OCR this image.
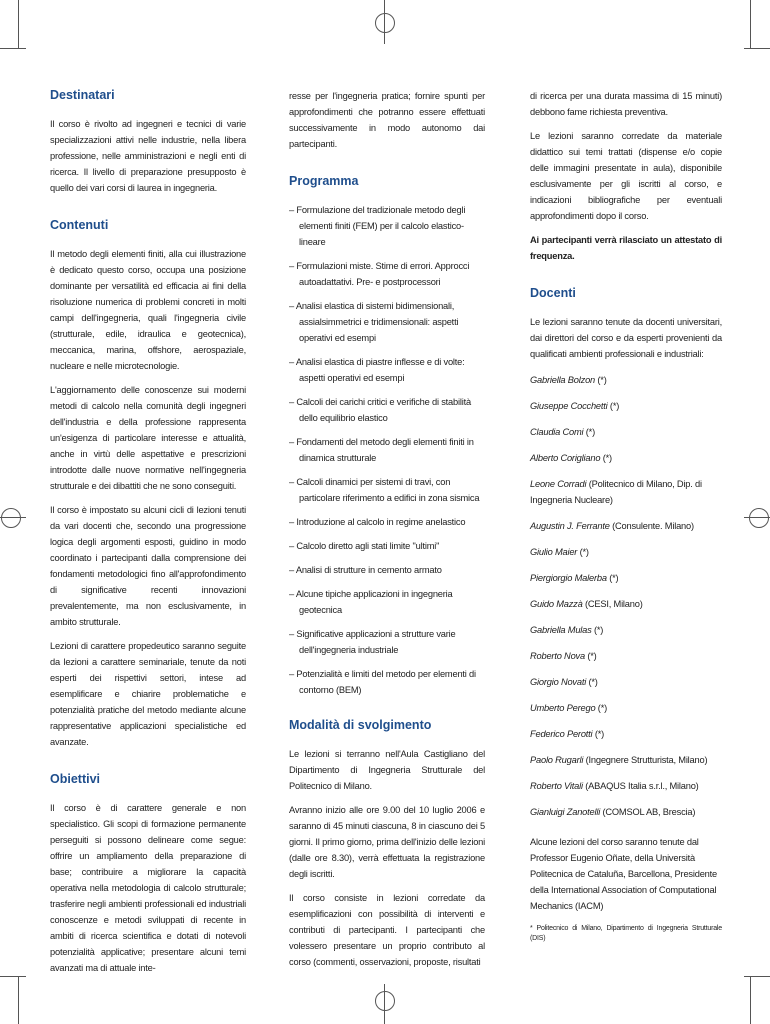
Destinatari

Il corso è rivolto ad ingegneri e tecnici di varie specializzazioni attivi nelle industrie, nella libera professione, nelle amministrazioni e negli enti di ricerca. Il livello di preparazione presupposto è quello dei vari corsi di laurea in ingegneria.

Contenuti

Il metodo degli elementi finiti, alla cui illustrazione è dedicato questo corso, occupa una posizione dominante per versatilità ed efficacia ai fini della risoluzione numerica di problemi concreti in molti campi dell'ingegneria, quali l'ingegneria civile (strutturale, edile, idraulica e geotecnica), meccanica, marina, offshore, aerospaziale, nucleare e nelle microtecnologie.

L'aggiornamento delle conoscenze sui moderni metodi di calcolo nella comunità degli ingegneri dell'industria e della professione rappresenta un'esigenza di particolare interesse e attualità, anche in virtù delle aspettative e prescrizioni introdotte dalle nuove normative nell'ingegneria strutturale e dei dibattiti che ne sono conseguiti.

Il corso è impostato su alcuni cicli di lezioni tenuti da vari docenti che, secondo una progressione logica degli argomenti esposti, guidino in modo coordinato i partecipanti dalla comprensione dei fondamenti metodologici fino all'approfondimento di significative recenti innovazioni prevalentemente, ma non esclusivamente, in ambito strutturale.

Lezioni di carattere propedeutico saranno seguite da lezioni a carattere seminariale, tenute da noti esperti dei rispettivi settori, intese ad esemplificare e chiarire problematiche e potenzialità pratiche del metodo mediante alcune rappresentative applicazioni specialistiche ed avanzate.

Obiettivi

Il corso è di carattere generale e non specialistico. Gli scopi di formazione permanente perseguiti si possono delineare come segue: offrire un ampliamento della preparazione di base; contribuire a migliorare la capacità operativa nella metodologia di calcolo strutturale; trasferire negli ambienti professionali ed industriali conoscenze e metodi sviluppati di recente in ambiti di ricerca scientifica e dotati di notevoli potenzialità applicative; presentare alcuni temi avanzati ma di attuale inte-

resse per l'ingegneria pratica; fornire spunti per approfondimenti che potranno essere effettuati successivamente in modo autonomo dai partecipanti.

Programma
– Formulazione del tradizionale metodo degli elementi finiti (FEM) per il calcolo elastico-lineare
– Formulazioni miste. Stime di errori. Approcci autoadattativi. Pre- e postprocessori
– Analisi elastica di sistemi bidimensionali, assialsimmetrici e tridimensionali: aspetti operativi ed esempi
– Analisi elastica di piastre inflesse e di volte: aspetti operativi ed esempi
– Calcoli dei carichi critici e verifiche di stabilità dello equilibrio elastico
– Fondamenti del metodo degli elementi finiti in dinamica strutturale
– Calcoli dinamici per sistemi di travi, con particolare riferimento a edifici in zona sismica
– Introduzione al calcolo in regime anelastico
– Calcolo diretto agli stati limite "ultimi"
– Analisi di strutture in cemento armato
– Alcune tipiche applicazioni in ingegneria geotecnica
– Significative applicazioni a strutture varie dell'ingegneria industriale
– Potenzialità e limiti del metodo per elementi di contorno (BEM)
Modalità di svolgimento

Le lezioni si terranno nell'Aula Castigliano del Dipartimento di Ingegneria Strutturale del Politecnico di Milano.

Avranno inizio alle ore 9.00 del 10 luglio 2006 e saranno di 45 minuti ciascuna, 8 in ciascuno dei 5 giorni. Il primo giorno, prima dell'inizio delle lezioni (dalle ore 8.30), verrà effettuata la registrazione degli iscritti.

Il corso consiste in lezioni corredate da esemplificazioni con possibilità di interventi e contributi di partecipanti. I partecipanti che volessero presentare un proprio contributo al corso (commenti, osservazioni, proposte, risultati

di ricerca per una durata massima di 15 minuti) debbono fame richiesta preventiva.

Le lezioni saranno corredate da materiale didattico sui temi trattati (dispense e/o copie delle immagini presentate in aula), disponibile esclusivamente per gli iscritti al corso, e indicazioni bibliografiche per eventuali approfondimenti dopo il corso.

Ai partecipanti verrà rilasciato un attestato di frequenza.

Docenti

Le lezioni saranno tenute da docenti universitari, dai direttori del corso e da esperti provenienti da qualificati ambienti professionali e industriali:

Gabriella Bolzon (*)
Giuseppe Cocchetti (*)
Claudia Comi (*)
Alberto Corigliano (*)
Leone Corradi (Politecnico di Milano, Dip. di Ingegneria Nucleare)
Augustin J. Ferrante (Consulente. Milano)
Giulio Maier (*)
Piergiorgio Malerba (*)
Guido Mazzà (CESI, Milano)
Gabriella Mulas (*)
Roberto Nova (*)
Giorgio Novati (*)
Umberto Perego (*)
Federico Perotti (*)
Paolo Rugarli (Ingegnere Strutturista, Milano)
Roberto Vitali (ABAQUS Italia s.r.l., Milano)
Gianluigi Zanotelli (COMSOL AB, Brescia)

Alcune lezioni del corso saranno tenute dal Professor Eugenio Oñate, della Università Politecnica de Cataluña, Barcellona, Presidente della International Association of Computational Mechanics (IACM)

* Politecnico di Milano, Dipartimento di Ingegneria Strutturale (DIS)
